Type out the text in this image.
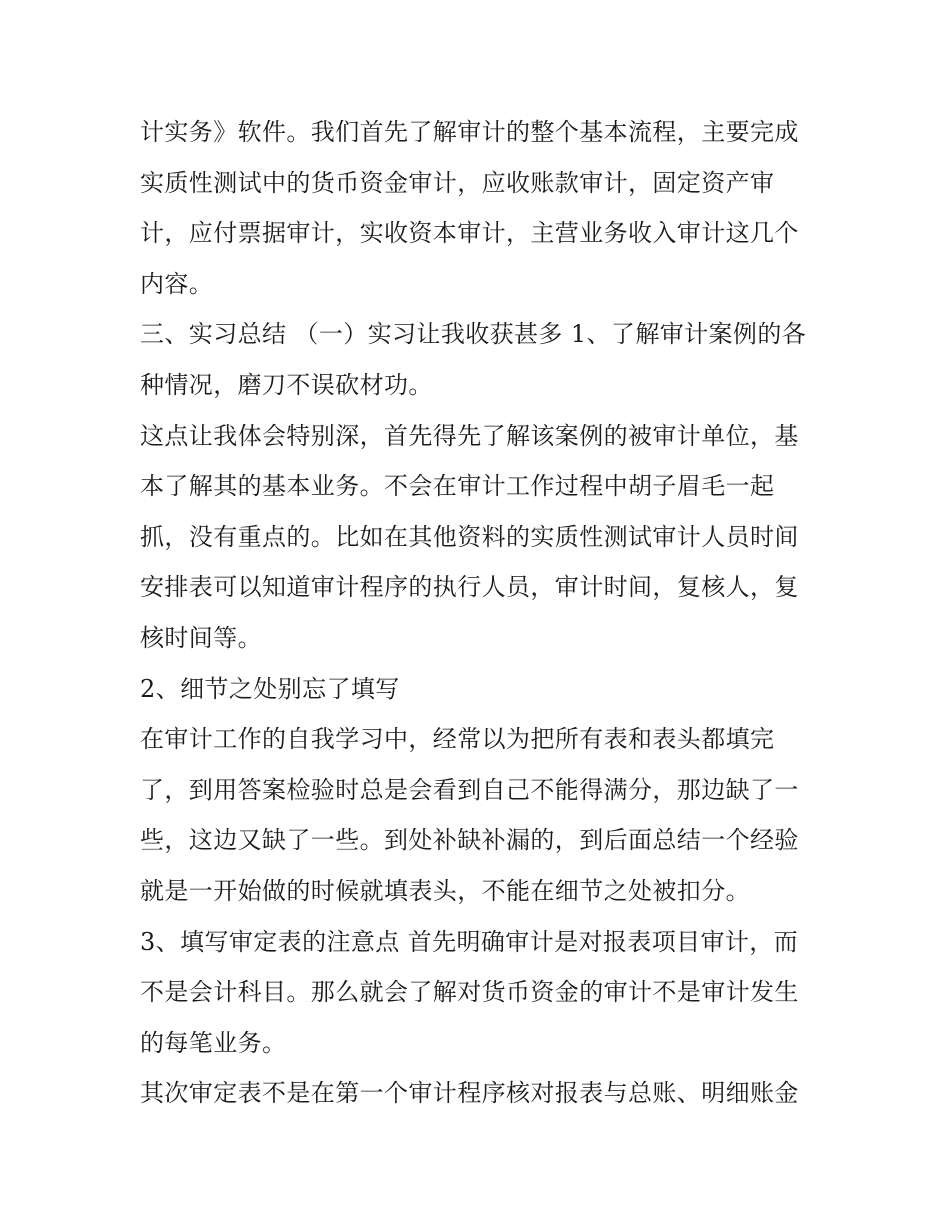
计实务》软件。我们首先了解审计的整个基本流程，主要完成
实质性测试中的货币资金审计，应收账款审计，固定资产审
计，应付票据审计，实收资本审计，主营业务收入审计这几个
内容。
三、实习总结 （一）实习让我收获甚多 1、了解审计案例的各
种情况，磨刀不误砍材功。
这点让我体会特别深，首先得先了解该案例的被审计单位，基
本了解其的基本业务。不会在审计工作过程中胡子眉毛一起
抓，没有重点的。比如在其他资料的实质性测试审计人员时间
安排表可以知道审计程序的执行人员，审计时间，复核人，复
核时间等。
2、细节之处别忘了填写
在审计工作的自我学习中，经常以为把所有表和表头都填完
了，到用答案检验时总是会看到自己不能得满分，那边缺了一
些，这边又缺了一些。到处补缺补漏的，到后面总结一个经验
就是一开始做的时候就填表头，不能在细节之处被扣分。
3、填写审定表的注意点 首先明确审计是对报表项目审计，而
不是会计科目。那么就会了解对货币资金的审计不是审计发生
的每笔业务。
其次审定表不是在第一个审计程序核对报表与总账、明细账金
